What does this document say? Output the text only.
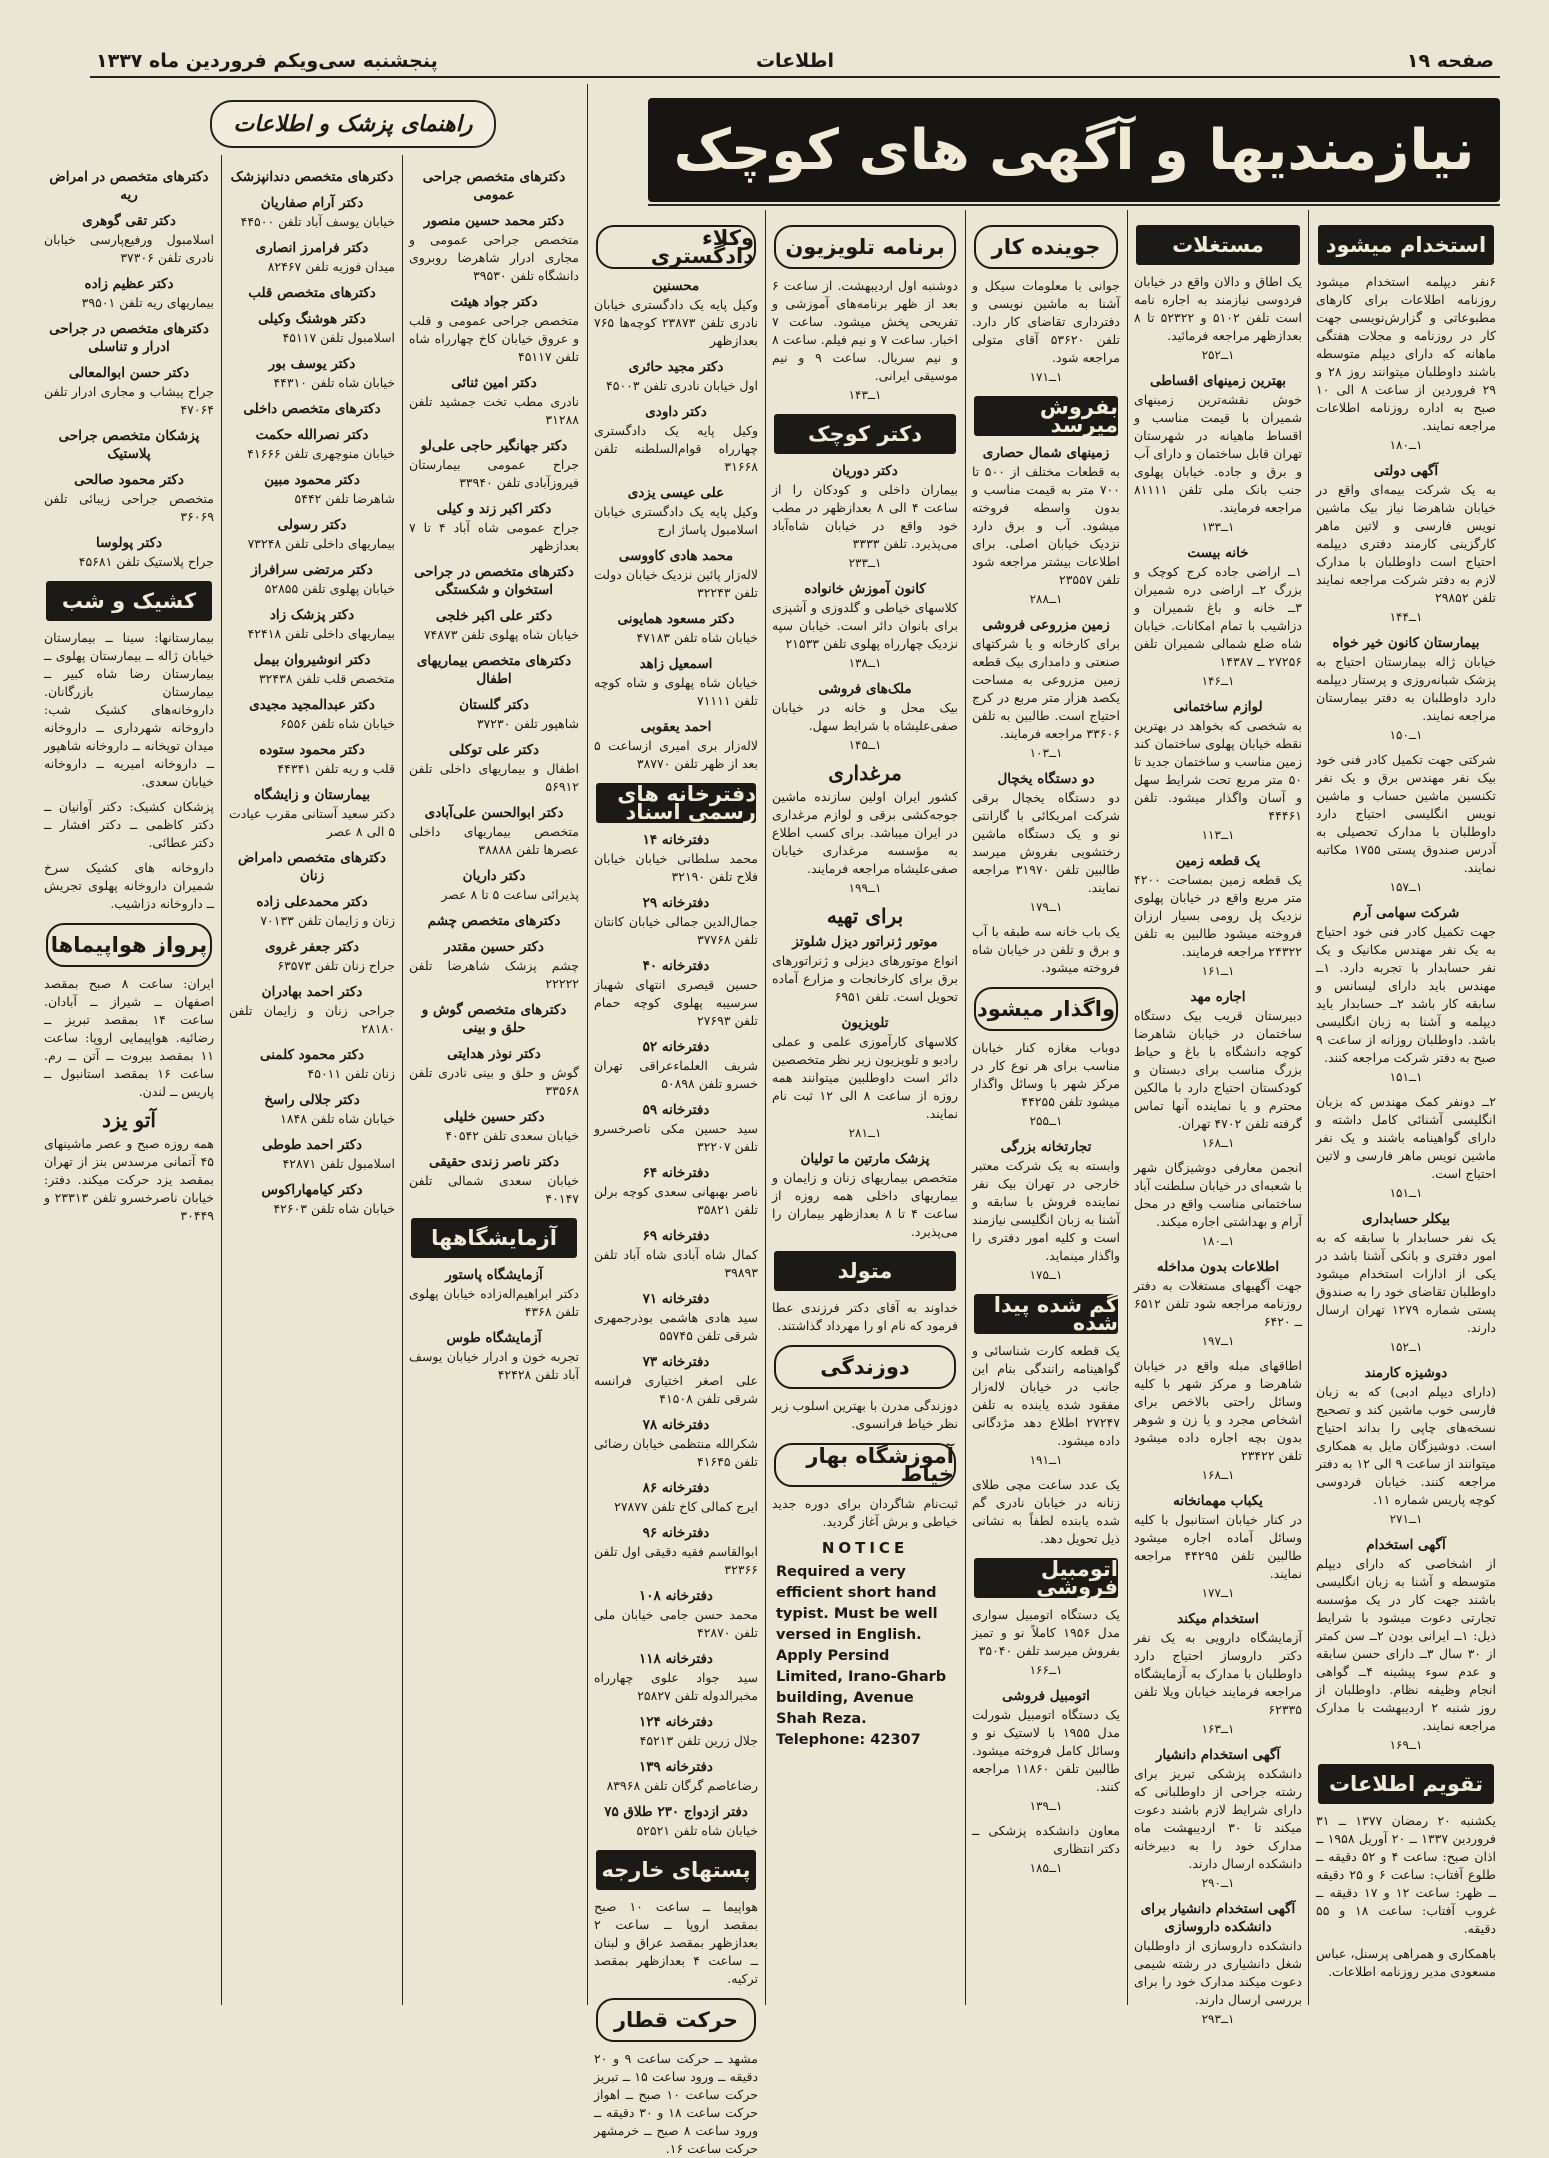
صفحه ۱۹
اطلاعات
پنجشنبه سی‌ویکم فروردین ماه ۱۳۳۷
نیازمندیها و آگهی های کوچک
راهنمای پزشک و اطلاعات
استخدام میشود
۶نفر دیپلمه استخدام میشود روزنامه اطلاعات برای کارهای مطبوعاتی و گزارش‌نویسی جهت کار در روزنامه و مجلات هفتگی ماهانه که دارای دیپلم متوسطه باشند داوطلبان میتوانند روز ۲۸ و ۲۹ فروردین از ساعت ۸ الی ۱۰ صبح به اداره روزنامه اطلاعات مراجعه نمایند.
۱ــ۱۸۰
آگهی دولتی
به یک شرکت بیمه‌ای واقع در خیابان شاهرضا نیاز بیک ماشین نویس فارسی و لاتین ماهر کارگزینی کارمند دفتری دیپلمه احتیاج است داوطلبان با مدارک لازم به دفتر شرکت مراجعه نمایند تلفن ۲۹۸۵۲
۱ــ۱۴۴
بیمارستان کانون خیر خواه
خیابان ژاله بیمارستان احتیاج به پزشک شبانه‌روزی و پرستار دیپلمه دارد داوطلبان به دفتر بیمارستان مراجعه نمایند.
۱ــ۱۵۰
شرکتی جهت تکمیل کادر فنی خود بیک نفر مهندس برق و یک نفر تکنسین ماشین حساب و ماشین نویس انگلیسی احتیاج دارد داوطلبان با مدارک تحصیلی به آدرس صندوق پستی ۱۷۵۵ مکاتبه نمایند.
۱ــ۱۵۷
شرکت سهامی آرم
جهت تکمیل کادر فنی خود احتیاج به یک نفر مهندس مکانیک و یک نفر حسابدار با تجربه دارد. ۱ــ مهندس باید دارای لیسانس و سابقه کار باشد ۲ــ حسابدار باید دیپلمه و آشنا به زبان انگلیسی باشد. داوطلبان روزانه از ساعت ۹ صبح به دفتر شرکت مراجعه کنند.
۱ــ۱۵۱
۲ــ دونفر کمک مهندس که بزبان انگلیسی آشنائی کامل داشته و دارای گواهینامه باشند و یک نفر ماشین نویس ماهر فارسی و لاتین احتیاج است.
۱ــ۱۵۱
بیکلر حسابداری
یک نفر حسابدار با سابقه که به امور دفتری و بانکی آشنا باشد در یکی از ادارات استخدام میشود داوطلبان تقاضای خود را به صندوق پستی شماره ۱۲۷۹ تهران ارسال دارند.
۱ــ۱۵۲
دوشیزه کارمند
(دارای دیپلم ادبی) که به زبان فارسی خوب ماشین کند و تصحیح نسخه‌های چاپی را بداند احتیاج است. دوشیزگان مایل به همکاری میتوانند از ساعت ۹ الی ۱۲ به دفتر مراجعه کنند. خیابان فردوسی کوچه پاریس شماره ۱۱.
۱ــ۲۷۱
آگهی استخدام
از اشخاصی که دارای دیپلم متوسطه و آشنا به زبان انگلیسی باشند جهت کار در یک مؤسسه تجارتی دعوت میشود با شرایط ذیل: ۱ــ ایرانی بودن ۲ــ سن کمتر از ۳۰ سال ۳ــ دارای حسن سابقه و عدم سوء پیشینه ۴ــ گواهی انجام وظیفه نظام. داوطلبان از روز شنبه ۲ اردیبهشت با مدارک مراجعه نمایند.
۱ــ۱۶۹
تقویم اطلاعات
یکشنبه ۲۰ رمضان ۱۳۷۷ ــ ۳۱ فروردین ۱۳۳۷ ــ ۲۰ آوریل ۱۹۵۸ ــ اذان صبح: ساعت ۴ و ۵۲ دقیقه ــ طلوع آفتاب: ساعت ۶ و ۲۵ دقیقه ــ ظهر: ساعت ۱۲ و ۱۷ دقیقه ــ غروب آفتاب: ساعت ۱۸ و ۵۵ دقیقه.
باهمکاری و همراهی پرسنل، عباس مسعودی مدیر روزنامه اطلاعات.
مستغلات
یک اطاق و دالان واقع در خیابان فردوسی نیازمند به اجاره نامه است تلفن ۵۱۰۲ و ۵۲۳۲۲ تا ۸ بعدازظهر مراجعه فرمائید.
۱ــ۲۵۲
بهترین زمینهای اقساطی
خوش نقشه‌ترین زمینهای شمیران با قیمت مناسب و اقساط ماهیانه در شهرستان تهران قابل ساختمان و دارای آب و برق و جاده. خیابان پهلوی جنب بانک ملی تلفن ۸۱۱۱۱ مراجعه فرمایند.
۱ــ۱۳۳
خانه بیست
۱ــ اراضی جاده کرج کوچک و بزرگ ۲ــ اراضی دره شمیران ۳ــ خانه و باغ شمیران و دزاشیب با تمام امکانات. خیابان شاه ضلع شمالی شمیران تلفن ۲۷۲۵۶ ــ ۱۴۳۸۷
۱ــ۱۴۶
لوازم ساختمانی
به شخصی که بخواهد در بهترین نقطه خیابان پهلوی ساختمان کند زمین مناسب و ساختمان جدید تا ۵۰ متر مربع تحت شرایط سهل و آسان واگذار میشود. تلفن ۴۴۴۶۱
۱ــ۱۱۳
یک قطعه زمین
یک قطعه زمین بمساحت ۴۲۰۰ متر مربع واقع در خیابان پهلوی نزدیک پل رومی بسیار ارزان فروخته میشود طالبین به تلفن ۲۴۳۲۲ مراجعه فرمایند.
۱ــ۱۶۱
اجاره مهد
دبیرستان قریب بیک دستگاه ساختمان در خیابان شاهرضا کوچه دانشگاه با باغ و حیاط بزرگ مناسب برای دبستان و کودکستان احتیاج دارد با مالکین محترم و یا نماینده آنها تماس گرفته تلفن ۴۷۰۲ تهران.
۱ــ۱۶۸
انجمن معارفی دوشیزگان شهر با شعبه‌ای در خیابان سلطنت آباد ساختمانی مناسب واقع در محل آرام و بهداشتی اجاره میکند.
۱ــ۱۸۰
اطلاعات بدون مداخله
جهت آگهیهای مستغلات به دفتر روزنامه مراجعه شود تلفن ۶۵۱۲ ــ ۶۴۲۰
۱ــ۱۹۷
اطاقهای مبله واقع در خیابان شاهرضا و مرکز شهر با کلیه وسائل راحتی بالاخص برای اشخاص مجرد و یا زن و شوهر بدون بچه اجاره داده میشود تلفن ۲۳۴۲۲
۱ــ۱۶۸
یکباب مهمانخانه
در کنار خیابان استانبول با کلیه وسائل آماده اجاره میشود طالبین تلفن ۴۴۲۹۵ مراجعه نمایند.
۱ــ۱۷۷
استخدام میکند
آزمایشگاه دارویی به یک نفر دکتر داروساز احتیاج دارد داوطلبان با مدارک به آزمایشگاه مراجعه فرمایند خیابان ویلا تلفن ۶۲۳۳۵
۱ــ۱۶۳
آگهی استخدام دانشیار
دانشکده پزشکی تبریز برای رشته جراحی از داوطلبانی که دارای شرایط لازم باشند دعوت میکند تا ۳۰ اردیبهشت ماه مدارک خود را به دبیرخانه دانشکده ارسال دارند.
۱ــ۲۹۰
آگهی استخدام دانشیار برای دانشکده داروسازی
دانشکده داروسازی از داوطلبان شغل دانشیاری در رشته شیمی دعوت میکند مدارک خود را برای بررسی ارسال دارند.
۱ــ۲۹۳
جوینده کار
جوانی با معلومات سیکل و آشنا به ماشین نویسی و دفترداری تقاضای کار دارد. تلفن ۵۳۶۲۰ آقای متولی مراجعه شود.
۱ــ۱۷۱
بفروش میرسد
زمینهای شمال حصاری
به قطعات مختلف از ۵۰۰ تا ۷۰۰ متر به قیمت مناسب و بدون واسطه فروخته میشود. آب و برق دارد نزدیک خیابان اصلی. برای اطلاعات بیشتر مراجعه شود تلفن ۲۳۵۵۷
۱ــ۲۸۸
زمین مزروعی فروشی
برای کارخانه و یا شرکتهای صنعتی و دامداری بیک قطعه زمین مزروعی به مساحت یکصد هزار متر مربع در کرج احتیاج است. طالبین به تلفن ۳۳۶۰۶ مراجعه فرمایند.
۱ــ۱۰۳
دو دستگاه یخچال
دو دستگاه یخچال برقی شرکت امریکائی با گارانتی نو و یک دستگاه ماشین رختشویی بفروش میرسد طالبین تلفن ۳۱۹۷۰ مراجعه نمایند.
۱ــ۱۷۹
یک باب خانه سه طبقه با آب و برق و تلفن در خیابان شاه فروخته میشود.
واگذار میشود
دوباب مغازه کنار خیابان مناسب برای هر نوع کار در مرکز شهر با وسائل واگذار میشود تلفن ۴۴۲۵۵
۱ــ۲۵۵
تجارتخانه بزرگی
وابسته به یک شرکت معتبر خارجی در تهران بیک نفر نماینده فروش با سابقه و آشنا به زبان انگلیسی نیازمند است و کلیه امور دفتری را واگذار مینماید.
۱ــ۱۷۵
گم شده پیدا شده
یک قطعه کارت شناسائی و گواهینامه رانندگی بنام این جانب در خیابان لاله‌زار مفقود شده یابنده به تلفن ۲۷۲۴۷ اطلاع دهد مژدگانی داده میشود.
۱ــ۱۹۱
یک عدد ساعت مچی طلای زنانه در خیابان نادری گم شده یابنده لطفاً به نشانی ذیل تحویل دهد.
اتومبیل فروشی
یک دستگاه اتومبیل سواری مدل ۱۹۵۶ کاملاً نو و تمیز بفروش میرسد تلفن ۳۵۰۴۰
۱ــ۱۶۶
اتومبیل فروشی
یک دستگاه اتومبیل شورلت مدل ۱۹۵۵ با لاستیک نو و وسائل کامل فروخته میشود. طالبین تلفن ۱۱۸۶۰ مراجعه کنند.
۱ــ۱۳۹
معاون دانشکده پزشکی ــ دکتر انتظاری
۱ــ۱۸۵
برنامه تلویزیون
دوشنبه اول اردیبهشت. از ساعت ۶ بعد از ظهر برنامه‌های آموزشی و تفریحی پخش میشود. ساعت ۷ اخبار. ساعت ۷ و نیم فیلم. ساعت ۸ و نیم سریال. ساعت ۹ و نیم موسیقی ایرانی.
۱ــ۱۴۳
دکتر کوچک
دکتر دوریان
بیماران داخلی و کودکان را از ساعت ۴ الی ۸ بعدازظهر در مطب خود واقع در خیابان شاه‌آباد می‌پذیرد. تلفن ۳۳۳۳
۱ــ۲۳۳
کانون آموزش خانواده
کلاسهای خیاطی و گلدوزی و آشپزی برای بانوان دائر است. خیابان سپه نزدیک چهارراه پهلوی تلفن ۲۱۵۳۳
۱ــ۱۳۸
ملک‌های فروشی
بیک محل و خانه در خیابان صفی‌علیشاه با شرایط سهل.
۱ــ۱۴۵
مرغداری
کشور ایران اولین سازنده ماشین جوجه‌کشی برقی و لوازم مرغداری در ایران میباشد. برای کسب اطلاع به مؤسسه مرغداری خیابان صفی‌علیشاه مراجعه فرمایند.
۱ــ۱۹۹
برای تهیه
موتور ژنراتور دیزل شلوتز
انواع موتورهای دیزلی و ژنراتورهای برق برای کارخانجات و مزارع آماده تحویل است. تلفن ۶۹۵۱
تلویزیون
کلاسهای کارآموزی علمی و عملی رادیو و تلویزیون زیر نظر متخصصین دائر است داوطلبین میتوانند همه روزه از ساعت ۸ الی ۱۲ ثبت نام نمایند.
۱ــ۲۸۱
پزشک مارتین ما تولیان
متخصص بیماریهای زنان و زایمان و بیماریهای داخلی همه روزه از ساعت ۴ تا ۸ بعدازظهر بیماران را می‌پذیرد.
متولد
خداوند به آقای دکتر فرزندی عطا فرمود که نام او را مهرداد گذاشتند.
دوزندگی
دوزندگی مدرن با بهترین اسلوب زیر نظر خیاط فرانسوی.
آموزشگاه بهار خیاط
ثبت‌نام شاگردان برای دوره جدید خیاطی و برش آغاز گردید.
NOTICE
Required a very efficient short hand typist. Must be well versed in English. Apply Persind Limited, Irano-Gharb building, Avenue Shah Reza. Telephone: 42307
وکلاء دادگستری
محسنین
وکیل پایه یک دادگستری خیابان نادری تلفن ۲۳۸۷۳ کوچه‌ها ۷۶۵ بعدازظهر
دکتر مجید حائری
اول خیابان نادری تلفن ۴۵۰۰۳
دکتر داودی
وکیل پایه یک دادگستری چهارراه قوام‌السلطنه تلفن ۳۱۶۶۸
علی عیسی یزدی
وکیل پایه یک دادگستری خیابان اسلامبول پاساژ ارج
محمد هادی کاووسی
لاله‌زار پائین نزدیک خیابان دولت تلفن ۳۲۲۴۳
دکتر مسعود همایونی
خیابان شاه تلفن ۴۷۱۸۳
اسمعیل زاهد
خیابان شاه پهلوی و شاه کوچه تلفن ۷۱۱۱۱
احمد یعقوبی
لاله‌زار بری امیری ازساعت ۵ بعد از ظهر تلفن ۳۸۷۷۰
دفترخانه های رسمی اسناد
دفترخانه ۱۴
محمد سلطانی خیابان خیابان فلاح تلفن ۳۲۱۹۰
دفترخانه ۲۹
جمال‌الدین جمالی خیابان کانتان تلفن ۳۷۷۶۸
دفترخانه ۴۰
حسین قیصری انتهای شهباز سرسیبه پهلوی کوچه حمام تلفن ۲۷۶۹۳
دفترخانه ۵۲
شریف العلماءعراقی تهران خسرو تلفن ۵۰۸۹۸
دفترخانه ۵۹
سید حسین مکی ناصرخسرو تلفن ۳۲۲۰۷
دفترخانه ۶۴
ناصر بهبهانی سعدی کوچه برلن تلفن ۳۵۸۲۱
دفترخانه ۶۹
کمال شاه آبادی شاه آباد تلفن ۳۹۸۹۳
دفترخانه ۷۱
سید هادی هاشمی بوذرجمهری شرقی تلفن ۵۵۷۴۵
دفترخانه ۷۳
علی اصغر اختیاری فرانسه شرقی تلفن ۴۱۵۰۸
دفترخانه ۷۸
شکرالله منتظمی خیابان رضائی تلفن ۴۱۶۴۵
دفترخانه ۸۶
ایرج کمالی کاخ تلفن ۲۷۸۷۷
دفترخانه ۹۶
ابوالقاسم فقیه دقیقی اول تلفن ۳۲۳۶۶
دفترخانه ۱۰۸
محمد حسن جامی خیابان ملی تلفن ۴۲۸۷۰
دفترخانه ۱۱۸
سید جواد علوی چهارراه مخبرالدوله تلفن ۲۵۸۲۷
دفترخانه ۱۲۴
جلال زرین تلفن ۴۵۲۱۳
دفترخانه ۱۳۹
رضاعاصم گرگان تلفن ۸۳۹۶۸
دفتر ازدواج ۲۳۰ طلاق ۷۵
خیابان شاه تلفن ۵۲۵۲۱
پستهای خارجه
هواپیما ــ ساعت ۱۰ صبح بمقصد اروپا ــ ساعت ۲ بعدازظهر بمقصد عراق و لبنان ــ ساعت ۴ بعدازظهر بمقصد ترکیه.
حرکت قطار
مشهد ــ حرکت ساعت ۹ و ۲۰ دقیقه ــ ورود ساعت ۱۵ ــ تبریز حرکت ساعت ۱۰ صبح ــ اهواز حرکت ساعت ۱۸ و ۳۰ دقیقه ــ ورود ساعت ۸ صبح ــ خرمشهر حرکت ساعت ۱۶.
دکترهای متخصص جراحی عمومی
دکتر محمد حسین منصور
متخصص جراحی عمومی و مجاری ادرار شاهرضا روبروی دانشگاه تلفن ۳۹۵۳۰
دکتر جواد هیئت
متخصص جراحی عمومی و قلب و عروق خیابان کاخ چهارراه شاه تلفن ۴۵۱۱۷
دکتر امین ثنائی
نادری مطب تخت جمشید تلفن ۳۱۲۸۸
دکتر جهانگیر حاجی علی‌لو
جراح عمومی بیمارستان فیروزآبادی تلفن ۳۳۹۴۰
دکتر اکبر زند و کیلی
جراح عمومی شاه آباد ۴ تا ۷ بعدازظهر
دکترهای متخصص در جراحی استخوان و شکستگی
دکتر علی اکبر خلجی
خیابان شاه پهلوی تلفن ۷۴۸۷۳
دکترهای متخصص بیماریهای اطفال
دکتر گلستان
شاهپور تلفن ۳۷۲۳۰
دکتر علی توکلی
اطفال و بیماریهای داخلی تلفن ۵۶۹۱۲
دکتر ابوالحسن علی‌آبادی
متخصص بیماریهای داخلی عصرها تلفن ۳۸۸۸۸
دکتر داریان
پذیرائی ساعت ۵ تا ۸ عصر
دکترهای متخصص چشم
دکتر حسین مقتدر
چشم پزشک شاهرضا تلفن ۲۲۲۲۲
دکترهای متخصص گوش و حلق و بینی
دکتر نوذر هدایتی
گوش و حلق و بینی نادری تلفن ۳۳۵۶۸
دکتر حسین خلیلی
خیابان سعدی تلفن ۴۰۵۴۲
دکتر ناصر زندی حقیقی
خیابان سعدی شمالی تلفن ۴۰۱۴۷
آزمایشگاهها
آزمایشگاه پاستور
دکتر ابراهیم‌اله‌زاده خیابان پهلوی تلفن ۴۳۶۸
آزمایشگاه طوس
تجربه خون و ادرار خیابان یوسف آباد تلفن ۴۲۴۲۸
دکترهای متخصص دندانپزشک
دکتر آرام صفاریان
خیابان یوسف آباد تلفن ۴۴۵۰۰
دکتر فرامرز انصاری
میدان فوزیه تلفن ۸۲۴۶۷
دکترهای متخصص قلب
دکتر هوشنگ وکیلی
اسلامبول تلفن ۴۵۱۱۷
دکتر یوسف بور
خیابان شاه تلفن ۴۴۳۱۰
دکترهای متخصص داخلی
دکتر نصرالله حکمت
خیابان منوچهری تلفن ۴۱۶۶۶
دکتر محمود مبین
شاهرضا تلفن ۵۴۴۲
دکتر رسولی
بیماریهای داخلی تلفن ۷۳۲۴۸
دکتر مرتضی سرافراز
خیابان پهلوی تلفن ۵۲۸۵۵
دکتر پزشک زاد
بیماریهای داخلی تلفن ۴۲۴۱۸
دکتر انوشیروان بیمل
متخصص قلب تلفن ۳۲۴۳۸
دکتر عبدالمجید مجیدی
خیابان شاه تلفن ۶۵۵۶
دکتر محمود ستوده
قلب و ریه تلفن ۴۴۳۴۱
بیمارستان و زایشگاه
دکتر سعید آستانی مقرب عیادت ۵ الی ۸ عصر
دکترهای متخصص دامراض زنان
دکتر محمدعلی زاده
زنان و زایمان تلفن ۷۰۱۳۳
دکتر جعفر غروی
جراح زنان تلفن ۶۳۵۷۳
دکتر احمد بهادران
جراحی زنان و زایمان تلفن ۲۸۱۸۰
دکتر محمود کلمنی
زنان تلفن ۴۵۰۱۱
دکتر جلالی راسخ
خیابان شاه تلفن ۱۸۴۸
دکتر احمد طوطی
اسلامبول تلفن ۴۲۸۷۱
دکتر کیامهاراکوس
خیابان شاه تلفن ۴۲۶۰۳
دکترهای متخصص در امراض ریه
دکتر تقی گوهری
اسلامبول ورفیع‌پارسی خیابان نادری تلفن ۳۷۳۰۶
دکتر عظیم زاده
بیماریهای ریه تلفن ۳۹۵۰۱
دکترهای متخصص در جراحی ادرار و تناسلی
دکتر حسن ابوالمعالی
جراح پیشاب و مجاری ادرار تلفن ۴۷۰۶۴
پزشکان متخصص جراحی پلاستیک
دکتر محمود صالحی
متخصص جراحی زیبائی تلفن ۳۶۰۶۹
دکتر پولوسا
جراح پلاستیک تلفن ۴۵۶۸۱
کشیک و شب
بیمارستانها: سینا ــ بیمارستان خیابان ژاله ــ بیمارستان پهلوی ــ بیمارستان رضا شاه کبیر ــ بیمارستان بازرگانان. داروخانه‌های کشیک شب: داروخانه شهرداری ــ داروخانه میدان توپخانه ــ داروخانه شاهپور ــ داروخانه امیریه ــ داروخانه خیابان سعدی.
پزشکان کشیک: دکتر آوانیان ــ دکتر کاظمی ــ دکتر افشار ــ دکتر عطائی.
داروخانه های کشیک سرخ شمیران داروخانه پهلوی تجریش ــ داروخانه دزاشیب.
پرواز هواپیماها
ایران: ساعت ۸ صبح بمقصد اصفهان ــ شیراز ــ آبادان. ساعت ۱۴ بمقصد تبریز ــ رضائیه. هواپیمایی اروپا: ساعت ۱۱ بمقصد بیروت ــ آتن ــ رم. ساعت ۱۶ بمقصد استانبول ــ پاریس ــ لندن.
آتو یزد
همه روزه صبح و عصر ماشینهای ۴۵ آتمانی مرسدس بنز از تهران بمقصد یزد حرکت میکند. دفتر: خیابان ناصرخسرو تلفن ۲۳۳۱۳ و ۳۰۴۴۹
